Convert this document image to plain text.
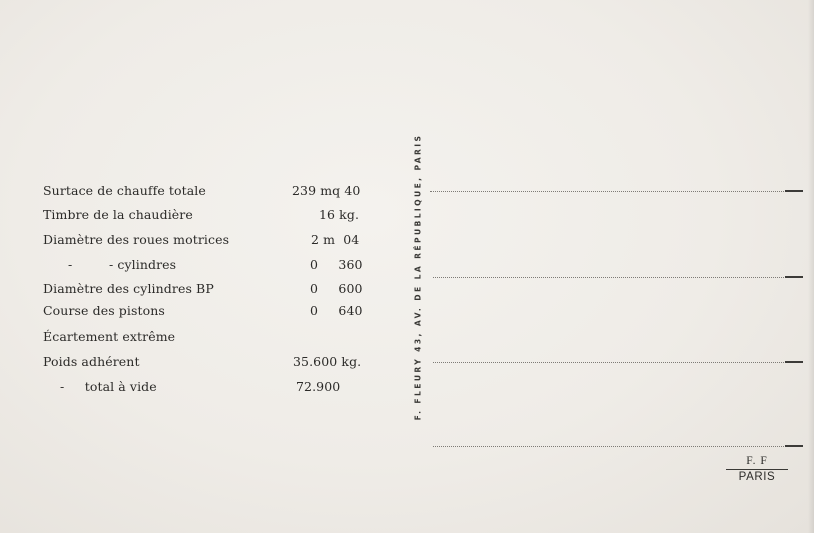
Surtace de chauffe totale	239 mq 40
Timbre de la chaudière	16 kg.
Diamètre des roues motrices	2 m  04
-         - cylindres	0     360
Diamètre des cylindres BP	0     600
Course des pistons	0     640
Écartement extrême
Poids adhérent	35.600 kg.
-     total à vide	72.900	F. FLEURY 43, AV. DE LA RÉPUBLIQUE, PARIS
F. F
PARIS
